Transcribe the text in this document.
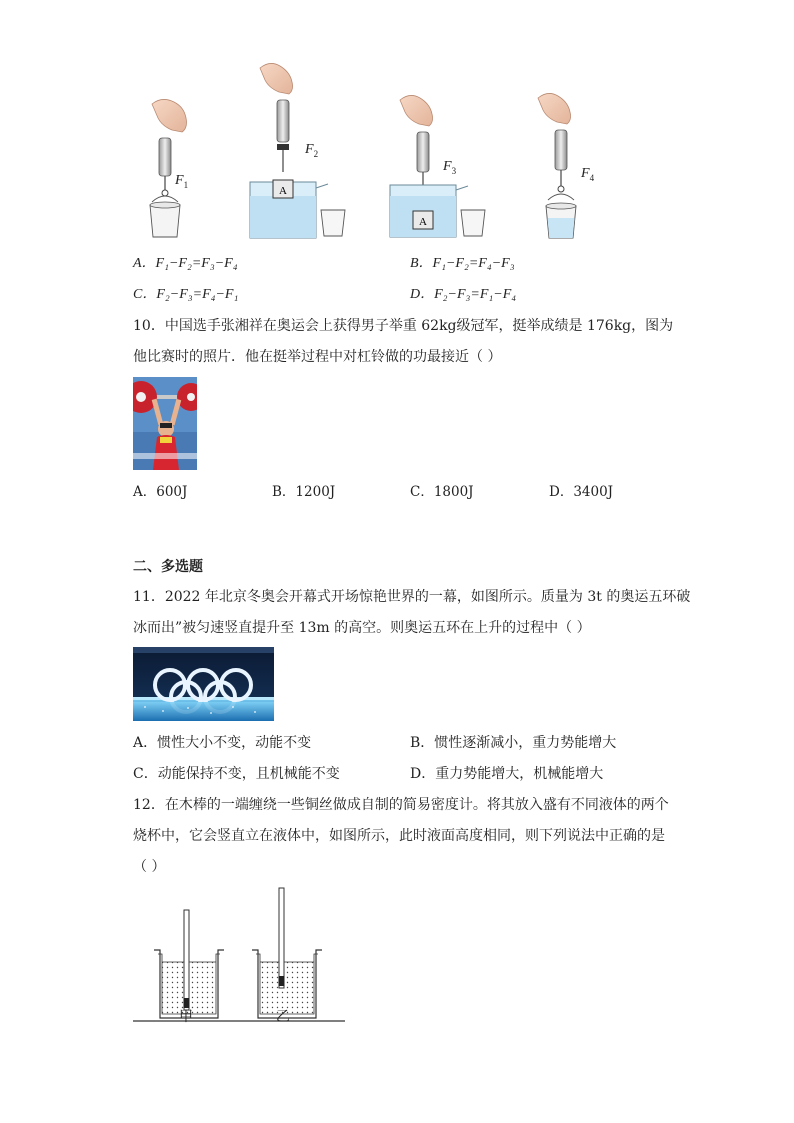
A
A
$F_1$
$F_2$
$F_3$	$F_4$
A．F₁−F₂=F₃−F₄	B．F₁−F₂=F₄−F₃
C．F₂−F₃=F₄−F₁	D．F₂−F₃=F₁−F₄
10．中国选手张湘祥在奥运会上获得男子举重 62kg级冠军，挺举成绩是 176kg，图为
他比赛时的照片．他在挺举过程中对杠铃做的功最接近（ ）
A．600J	B．1200J	C．1800J	D．3400J
二、多选题
11．2022 年北京冬奥会开幕式开场惊艳世界的一幕，如图所示。质量为 3t 的奥运五环破
冰而出”被匀速竖直提升至 13m 的高空。则奥运五环在上升的过程中（ ）
A．惯性大小不变，动能不变	B．惯性逐渐减小，重力势能增大
C．动能保持不变，且机械能不变	D．重力势能增大，机械能增大
12．在木棒的一端缠绕一些铜丝做成自制的简易密度计。将其放入盛有不同液体的两个
烧杯中，它会竖直立在液体中，如图所示，此时液面高度相同，则下列说法中正确的是
（ ）
甲	乙
